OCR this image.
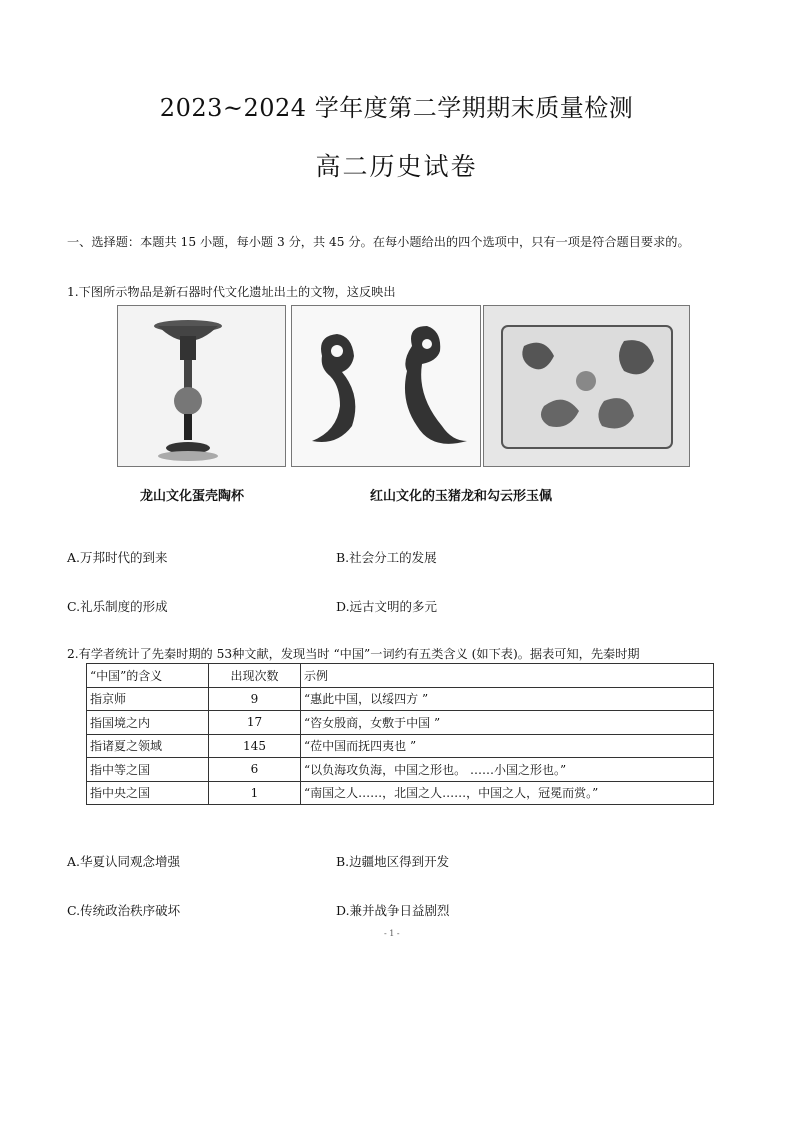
2023~2024 学年度第二学期期末质量检测
高二历史试卷
一、选择题：本题共 15 小题，每小题 3 分，共 45 分。在每小题给出的四个选项中，只有一项是符合题目要求的。
1.下图所示物品是新石器时代文化遗址出土的文物，这反映出
龙山文化蛋壳陶杯	红山文化的玉猪龙和勾云形玉佩
A.万邦时代的到来	B.社会分工的发展
C.礼乐制度的形成	D.远古文明的多元
2.有学者统计了先秦时期的 53种文献，发现当时 “中国”一词约有五类含义 (如下表)。据表可知，先秦时期
“中国”的含义	出现次数	示例
指京师	9	“惠此中国，以绥四方 ”
指国境之内	17	“咨女殷商，女敷于中国 ”
指诸夏之领域	145	“莅中国而抚四夷也 ”
指中等之国	6	“以负海攻负海，中国之形也。 ……小国之形也。”
指中央之国	1	“南国之人……，北国之人……，中国之人，冠冕而赏。”
A.华夏认同观念增强	B.边疆地区得到开发
C.传统政治秩序破坏	D.兼并战争日益剧烈
- 1 -
